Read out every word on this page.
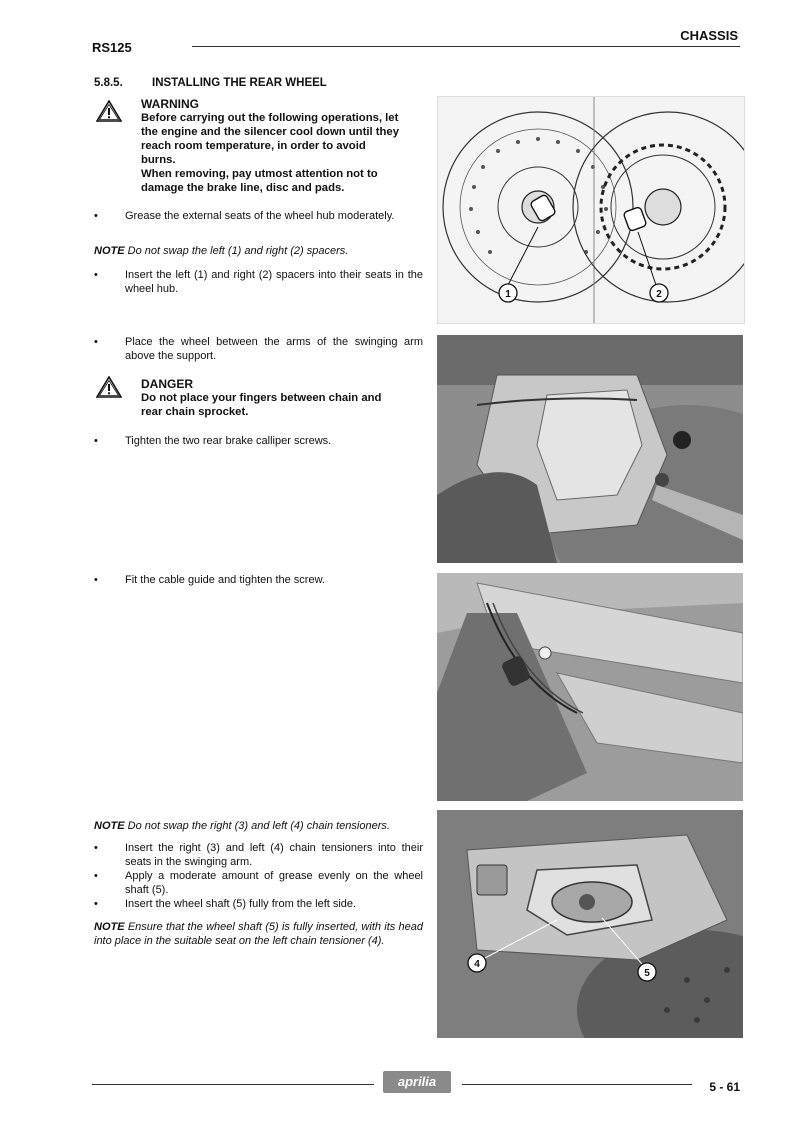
CHASSIS
RS125
5.8.5.	INSTALLING THE REAR WHEEL
WARNING
Before carrying out the following operations, let
the engine and the silencer cool down until they
reach room temperature, in order to avoid
burns.
When removing, pay utmost attention not to
damage the brake line, disc and pads.
• Grease the external seats of the wheel hub moderately.
NOTE Do not swap the left (1) and right (2) spacers.
• Insert the left (1) and right (2) spacers into their seats in the wheel hub.	1	2
• Place the wheel between the arms of the swinging arm above the support.
DANGER
Do not place your fingers between chain and
rear chain sprocket.
• Tighten the two rear brake calliper screws.
• Fit the cable guide and tighten the screw.
NOTE Do not swap the right (3) and left (4) chain tensioners.
• Insert the right (3) and left (4) chain tensioners into their seats in the swinging arm.
• Apply a moderate amount of grease evenly on the wheel shaft (5).
• Insert the wheel shaft (5) fully from the left side.
NOTE Ensure that the wheel shaft (5) is fully inserted, with its head into place in the suitable seat on the left chain tensioner (4).
4
5
aprilia	5 - 61
